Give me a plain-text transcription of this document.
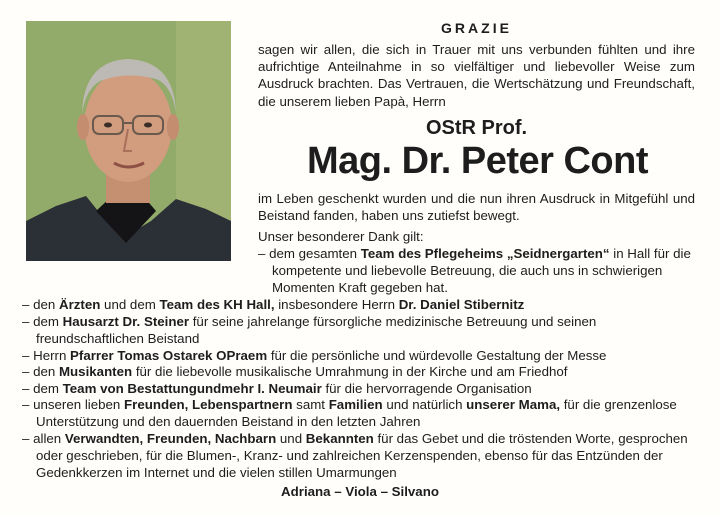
GRAZIE
sagen wir allen, die sich in Trauer mit uns verbunden fühlten und ihre aufrichtige Anteilnahme in so vielfältiger und liebevoller Weise zum Ausdruck brachten. Das Vertrauen, die Wertschätzung und Freundschaft, die unserem lieben Papà, Herrn
OStR Prof.
Mag. Dr. Peter Cont
im Leben geschenkt wurden und die nun ihren Ausdruck in Mitgefühl und Beistand fanden, haben uns zutiefst bewegt.
Unser besonderer Dank gilt:
– dem gesamten Team des Pflegeheims „Seidnergarten“ in Hall für die kompetente und liebevolle Betreuung, die auch uns in schwierigen Momenten Kraft gegeben hat.
– den Ärzten und dem Team des KH Hall, insbesondere Herrn Dr. Daniel Stibernitz
– dem Hausarzt Dr. Steiner für seine jahrelange fürsorgliche medizinische Betreuung und seinen freundschaftlichen Beistand
– Herrn Pfarrer Tomas Ostarek OPraem für die persönliche und würdevolle Gestaltung der Messe
– den Musikanten für die liebevolle musikalische Umrahmung in der Kirche und am Friedhof
– dem Team von Bestattungundmehr I. Neumair für die hervorragende Organisation
– unseren lieben Freunden, Lebenspartnern samt Familien und natürlich unserer Mama, für die grenzenlose Unterstützung und den dauernden Beistand in den letzten Jahren
– allen Verwandten, Freunden, Nachbarn und Bekannten für das Gebet und die tröstenden Worte, gesprochen oder geschrieben, für die Blumen-, Kranz- und zahlreichen Kerzenspenden, ebenso für das Entzünden der Gedenkkerzen im Internet und die vielen stillen Umarmungen
Adriana – Viola – Silvano
